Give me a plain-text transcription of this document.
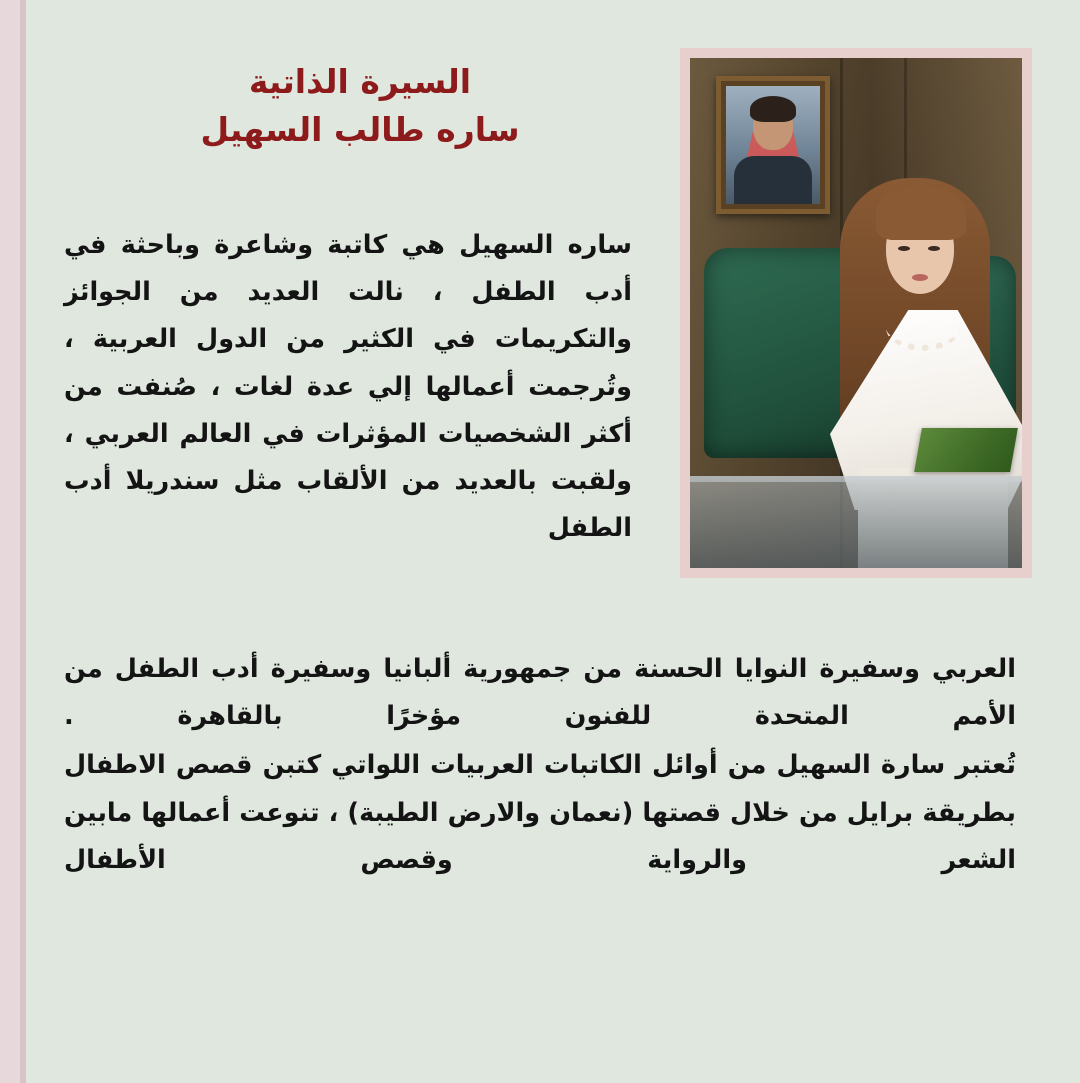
السيرة الذاتية
ساره طالب السهيل

ساره السهيل هي كاتبة وشاعرة وباحثة في أدب الطفل ، نالت العديد من الجوائز والتكريمات في الكثير من الدول العربية ، وتُرجمت أعمالها إلي عدة لغات ، صُنفت من أكثر الشخصيات المؤثرات في العالم العربي ، ولقبت بالعديد من الألقاب مثل سندريلا أدب الطفل

العربي وسفيرة النوايا الحسنة من جمهورية ألبانيا وسفيرة أدب الطفل من الأمم المتحدة للفنون مؤخرًا بالقاهرة .

تُعتبر سارة السهيل من أوائل الكاتبات العربيات اللواتي كتبن قصص الاطفال بطريقة برايل من خلال قصتها (نعمان والارض الطيبة) ، تنوعت أعمالها مابين الشعر والرواية وقصص الأطفال
